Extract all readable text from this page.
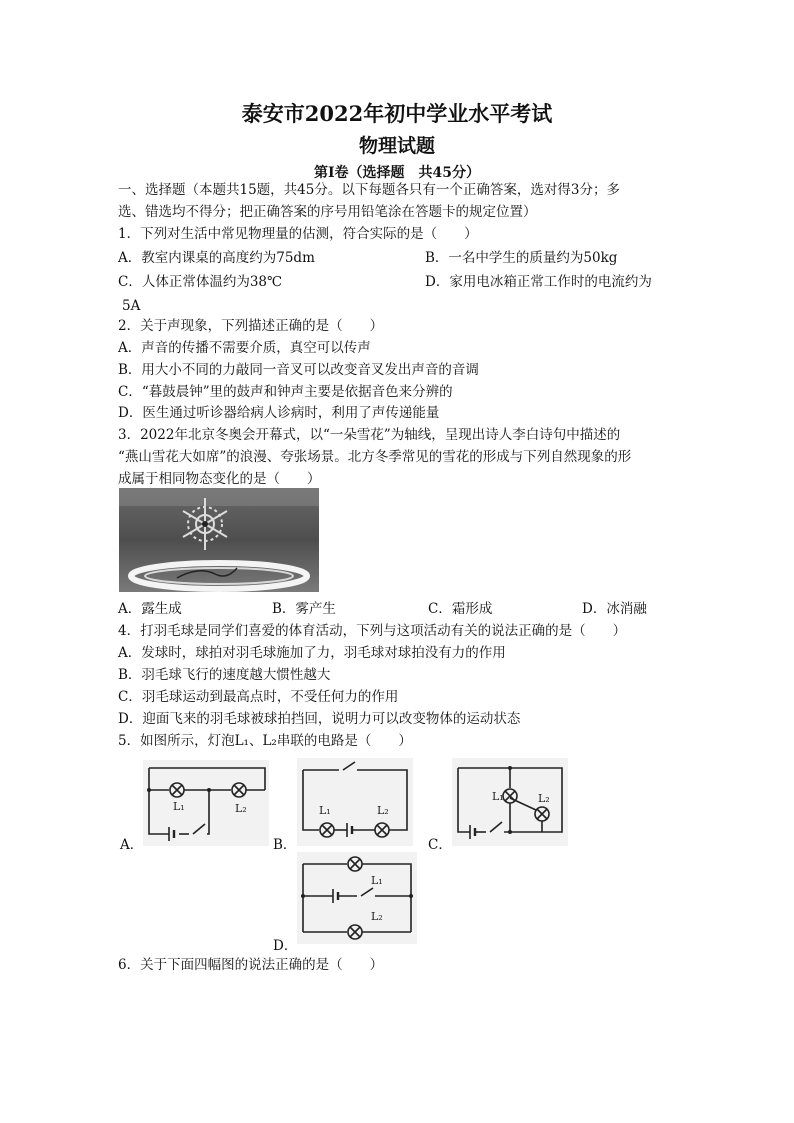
泰安市2022年初中学业水平考试
物理试题
第Ⅰ卷（选择题　共45分）
一、选择题（本题共15题，共45分。以下每题各只有一个正确答案，选对得3分；多
选、错选均不得分；把正确答案的序号用铅笔涂在答题卡的规定位置）
1．下列对生活中常见物理量的估测，符合实际的是（　　）
A．教室内课桌的高度约为75dm	B．一名中学生的质量约为50kg
C．人体正常体温约为38℃	D．家用电冰箱正常工作时的电流约为
5A
2．关于声现象，下列描述正确的是（　　）
A．声音的传播不需要介质，真空可以传声
B．用大小不同的力敲同一音叉可以改变音叉发出声音的音调
C．“暮鼓晨钟”里的鼓声和钟声主要是依据音色来分辨的
D．医生通过听诊器给病人诊病时，利用了声传递能量
3．2022年北京冬奥会开幕式，以“一朵雪花”为轴线，呈现出诗人李白诗句中描述的
“燕山雪花大如席”的浪漫、夸张场景。北方冬季常见的雪花的形成与下列自然现象的形
成属于相同物态变化的是（　　）
A．露生成	B．雾产生	C．霜形成	D．冰消融
4．打羽毛球是同学们喜爱的体育活动，下列与这项活动有关的说法正确的是（　　）
A．发球时，球拍对羽毛球施加了力，羽毛球对球拍没有力的作用
B．羽毛球飞行的速度越大惯性越大
C．羽毛球运动到最高点时，不受任何力的作用
D．迎面飞来的羽毛球被球拍挡回，说明力可以改变物体的运动状态
5．如图所示，灯泡L₁、L₂串联的电路是（　　）
L₁	L₂
A．
L₁	L₂
B．
L₁	L₂
C．
L₁
L₂
D．
6．关于下面四幅图的说法正确的是（　　）
